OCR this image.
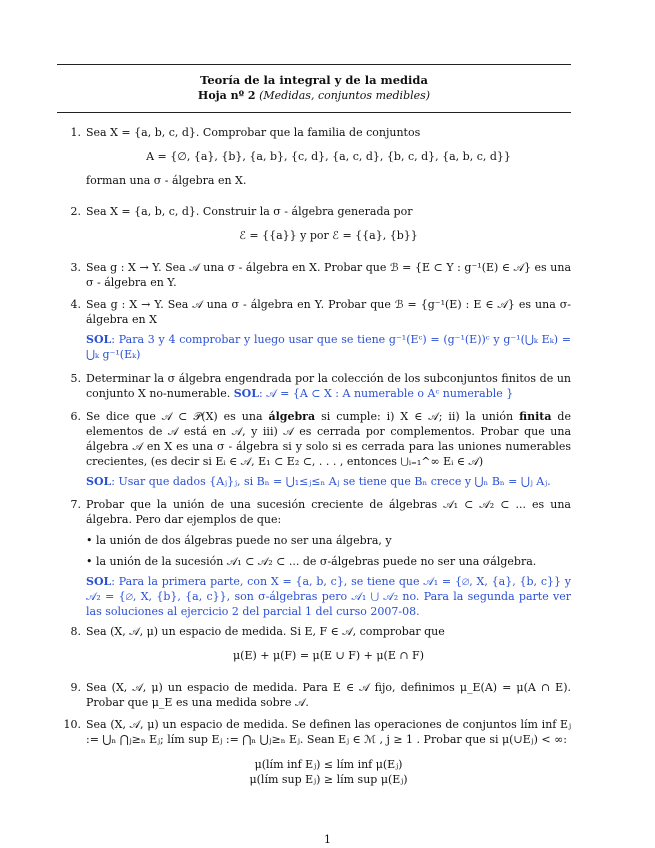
Teoría de la integral y de la medida
Hoja nº 2 (Medidas, conjuntos medibles)
1. Sea X = {a, b, c, d}. Comprobar que la familia de conjuntos
A = {∅, {a}, {b}, {a, b}, {c, d}, {a, c, d}, {b, c, d}, {a, b, c, d}}
forman una σ - álgebra en X.
2. Sea X = {a, b, c, d}. Construir la σ - álgebra generada por
ℰ = {{a}} y por ℰ = {{a}, {b}}
3. Sea g : X → Y. Sea 𝒜 una σ - álgebra en X. Probar que ℬ = {E ⊂ Y : g⁻¹(E) ∈ 𝒜} es una σ - álgebra en Y.
4. Sea g : X → Y. Sea 𝒜 una σ - álgebra en Y. Probar que ℬ = {g⁻¹(E) : E ∈ 𝒜} es una σ-álgebra en X
SOL: Para 3 y 4 comprobar y luego usar que se tiene g⁻¹(Eᶜ) = (g⁻¹(E))ᶜ y g⁻¹(⋃ₖ Eₖ) = ⋃ₖ g⁻¹(Eₖ)
5. Determinar la σ álgebra engendrada por la colección de los subconjuntos finitos de un conjunto X no-numerable. SOL: 𝒜 = {A ⊂ X : A numerable o Aᶜ numerable }
6. Se dice que 𝒜 ⊂ 𝒫(X) es una álgebra si cumple: i) X ∈ 𝒜; ii) la unión finita de elementos de 𝒜 está en 𝒜, y iii) 𝒜 es cerrada por complementos. Probar que una álgebra 𝒜 en X es una σ - álgebra si y solo si es cerrada para las uniones numerables crecientes, (es decir si Eᵢ ∈ 𝒜, E₁ ⊂ E₂ ⊂, . . . , entonces ⋃ᵢ₌₁^∞ Eᵢ ∈ 𝒜)
SOL: Usar que dados {Aⱼ}ⱼ, si Bₙ = ⋃₁≤ⱼ≤ₙ Aⱼ se tiene que Bₙ crece y ⋃ₙ Bₙ = ⋃ⱼ Aⱼ.
7. Probar que la unión de una sucesión creciente de álgebras 𝒜₁ ⊂ 𝒜₂ ⊂ ... es una álgebra. Pero dar ejemplos de que:
• la unión de dos álgebras puede no ser una álgebra, y
• la unión de la sucesión 𝒜₁ ⊂ 𝒜₂ ⊂ ... de σ-álgebras puede no ser una σálgebra.
SOL: Para la primera parte, con X = {a, b, c}, se tiene que 𝒜₁ = {∅, X, {a}, {b, c}} y 𝒜₂ = {∅, X, {b}, {a, c}}, son σ-álgebras pero 𝒜₁ ⋃ 𝒜₂ no. Para la segunda parte ver las soluciones al ejercicio 2 del parcial 1 del curso 2007-08.
8. Sea (X, 𝒜, μ) un espacio de medida. Si E, F ∈ 𝒜, comprobar que
μ(E) + μ(F) = μ(E ∪ F) + μ(E ∩ F)
9. Sea (X, 𝒜, μ) un espacio de medida. Para E ∈ 𝒜 fijo, definimos μ_E(A) = μ(A ∩ E). Probar que μ_E es una medida sobre 𝒜.
10. Sea (X, 𝒜, μ) un espacio de medida. Se definen las operaciones de conjuntos lím inf Eⱼ := ⋃ₙ ⋂ⱼ≥ₙ Eⱼ; lím sup Eⱼ := ⋂ₙ ⋃ⱼ≥ₙ Eⱼ. Sean Eⱼ ∈ ℳ , j ≥ 1 . Probar que si μ(∪Eⱼ) < ∞:
μ(lím inf Eⱼ) ≤ lím inf μ(Eⱼ)
μ(lím sup Eⱼ) ≥ lím sup μ(Eⱼ)
1
